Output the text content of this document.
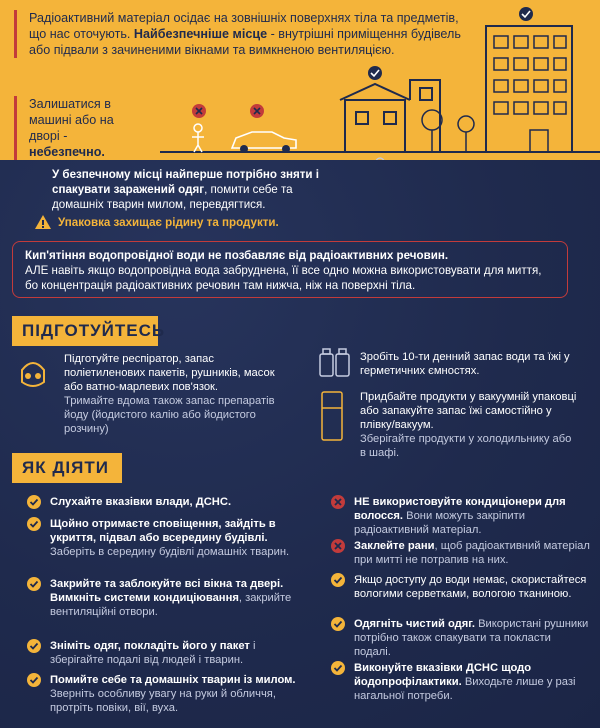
Радіоактивний матеріал осідає на зовнішніх поверхнях тіла та предметів, що нас оточують. Найбезпечніше місце - внутрішні приміщення будівель або підвали з зачиненими вікнами та вимкненою вентиляцією.
Залишатися в машині або на дворі - небезпечно.
У безпечному місці найперше потрібно зняти і спакувати заражений одяг, помити себе та домашніх тварин милом, перевдягтися.
Упаковка захищає рідину та продукти.
Кип'ятіння водопровідної води не позбавляє від радіоактивних речовин.
АЛЕ навіть якщо водопровідна вода забруднена, її все одно можна використовувати для миття, бо концентрація радіоактивних речовин там нижча, ніж на поверхні тіла.
ПІДГОТУЙТЕСЬ
Підготуйте респіратор, запас поліетиленових пакетів, рушників, масок або ватно-марлевих пов'язок.
Тримайте вдома також запас препаратів йоду (йодистого калію або йодистого розчину)
Зробіть 10-ти денний запас води та їжі у герметичних ємностях.
Придбайте продукти у вакуумній упаковці або запакуйте запас їжі самостійно у плівку/вакуум.
Зберігайте продукти у холодильнику або в шафі.
ЯК ДІЯТИ
Слухайте вказівки влади, ДСНС.
Щойно отримаєте сповіщення, зайдіть в укриття, підвал або всередину будівлі. Заберіть в середину будівлі домашніх тварин.
Закрийте та заблокуйте всі вікна та двері. Вимкніть системи кондиціювання, закрийте вентиляційні отвори.
Зніміть одяг, покладіть його у пакет і зберігайте подалі від людей і тварин.
Помийте себе та домашніх тварин із милом. Зверніть особливу увагу на руки й обличчя, протріть повіки, вії, вуха.
НЕ використовуйте кондиціонери для волосся. Вони можуть закріпити радіоактивний матеріал.
Заклейте рани, щоб радіоактивний матеріал при митті не потрапив на них.
Якщо доступу до води немає, скористайтеся вологими серветками, вологою тканиною.
Одягніть чистий одяг. Використані рушники потрібно також спакувати та покласти подалі.
Виконуйте вказівки ДСНС щодо йодопрофілактики. Виходьте лише у разі нагальної потреби.
